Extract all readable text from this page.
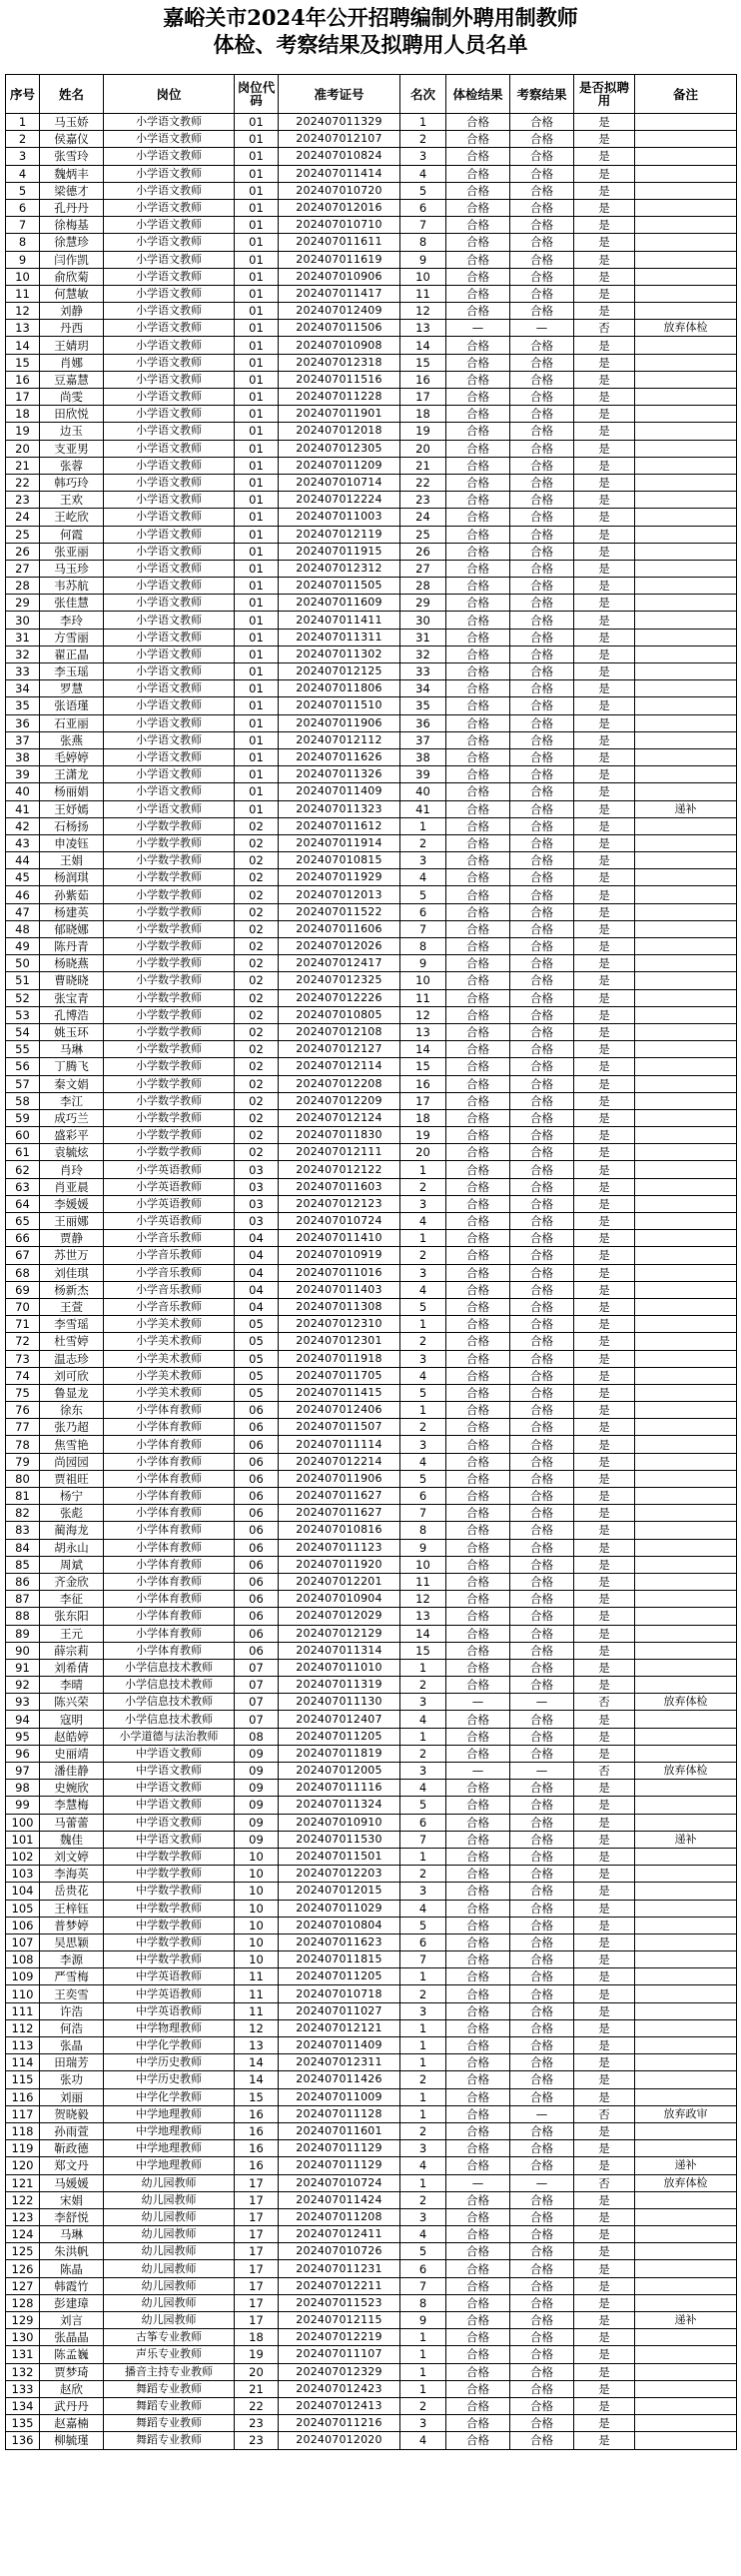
嘉峪关市2024年公开招聘编制外聘用制教师
体检、考察结果及拟聘用人员名单
序号	姓名	岗位	岗位代码	准考证号	名次	体检结果	考察结果	是否拟聘用	备注
1	马玉娇	小学语文教师	01	202407011329	1	合格	合格	是	
2	侯嘉仪	小学语文教师	01	202407012107	2	合格	合格	是	
3	张雪玲	小学语文教师	01	202407010824	3	合格	合格	是	
4	魏炳丰	小学语文教师	01	202407011414	4	合格	合格	是	
5	梁德才	小学语文教师	01	202407010720	5	合格	合格	是	
6	孔丹丹	小学语文教师	01	202407012016	6	合格	合格	是	
7	徐梅基	小学语文教师	01	202407010710	7	合格	合格	是	
8	徐慧珍	小学语文教师	01	202407011611	8	合格	合格	是	
9	闫作凯	小学语文教师	01	202407011619	9	合格	合格	是	
10	俞欣菊	小学语文教师	01	202407010906	10	合格	合格	是	
11	何慧敏	小学语文教师	01	202407011417	11	合格	合格	是	
12	刘静	小学语文教师	01	202407012409	12	合格	合格	是	
13	丹西	小学语文教师	01	202407011506	13	—	—	否	放弃体检
14	王婧玥	小学语文教师	01	202407010908	14	合格	合格	是	
15	肖娜	小学语文教师	01	202407012318	15	合格	合格	是	
16	豆嘉慧	小学语文教师	01	202407011516	16	合格	合格	是	
17	尚雯	小学语文教师	01	202407011228	17	合格	合格	是	
18	田欣悦	小学语文教师	01	202407011901	18	合格	合格	是	
19	边玉	小学语文教师	01	202407012018	19	合格	合格	是	
20	支亚男	小学语文教师	01	202407012305	20	合格	合格	是	
21	张蓉	小学语文教师	01	202407011209	21	合格	合格	是	
22	韩巧玲	小学语文教师	01	202407010714	22	合格	合格	是	
23	王欢	小学语文教师	01	202407012224	23	合格	合格	是	
24	王屹欣	小学语文教师	01	202407011003	24	合格	合格	是	
25	何霞	小学语文教师	01	202407012119	25	合格	合格	是	
26	张亚丽	小学语文教师	01	202407011915	26	合格	合格	是	
27	马玉珍	小学语文教师	01	202407012312	27	合格	合格	是	
28	韦苏航	小学语文教师	01	202407011505	28	合格	合格	是	
29	张佳慧	小学语文教师	01	202407011609	29	合格	合格	是	
30	李玲	小学语文教师	01	202407011411	30	合格	合格	是	
31	方雪丽	小学语文教师	01	202407011311	31	合格	合格	是	
32	翟正晶	小学语文教师	01	202407011302	32	合格	合格	是	
33	李玉瑶	小学语文教师	01	202407012125	33	合格	合格	是	
34	罗慧	小学语文教师	01	202407011806	34	合格	合格	是	
35	张语瑾	小学语文教师	01	202407011510	35	合格	合格	是	
36	石亚丽	小学语文教师	01	202407011906	36	合格	合格	是	
37	张燕	小学语文教师	01	202407012112	37	合格	合格	是	
38	毛婷婷	小学语文教师	01	202407011626	38	合格	合格	是	
39	王潇龙	小学语文教师	01	202407011326	39	合格	合格	是	
40	杨丽娟	小学语文教师	01	202407011409	40	合格	合格	是	
41	王妤嫣	小学语文教师	01	202407011323	41	合格	合格	是	递补
42	石杨扬	小学数学教师	02	202407011612	1	合格	合格	是	
43	申凌钰	小学数学教师	02	202407011914	2	合格	合格	是	
44	王娟	小学数学教师	02	202407010815	3	合格	合格	是	
45	杨润琪	小学数学教师	02	202407011929	4	合格	合格	是	
46	孙紫茹	小学数学教师	02	202407012013	5	合格	合格	是	
47	杨建英	小学数学教师	02	202407011522	6	合格	合格	是	
48	郁晓娜	小学数学教师	02	202407011606	7	合格	合格	是	
49	陈丹青	小学数学教师	02	202407012026	8	合格	合格	是	
50	杨晓燕	小学数学教师	02	202407012417	9	合格	合格	是	
51	曹晓晓	小学数学教师	02	202407012325	10	合格	合格	是	
52	张宝青	小学数学教师	02	202407012226	11	合格	合格	是	
53	孔博浩	小学数学教师	02	202407010805	12	合格	合格	是	
54	姚玉环	小学数学教师	02	202407012108	13	合格	合格	是	
55	马琳	小学数学教师	02	202407012127	14	合格	合格	是	
56	丁腾飞	小学数学教师	02	202407012114	15	合格	合格	是	
57	秦文娟	小学数学教师	02	202407012208	16	合格	合格	是	
58	李江	小学数学教师	02	202407012209	17	合格	合格	是	
59	成巧兰	小学数学教师	02	202407012124	18	合格	合格	是	
60	盛彩平	小学数学教师	02	202407011830	19	合格	合格	是	
61	袁毓炫	小学数学教师	02	202407012111	20	合格	合格	是	
62	肖玲	小学英语教师	03	202407012122	1	合格	合格	是	
63	肖亚晨	小学英语教师	03	202407011603	2	合格	合格	是	
64	李媛媛	小学英语教师	03	202407012123	3	合格	合格	是	
65	王丽娜	小学英语教师	03	202407010724	4	合格	合格	是	
66	贾静	小学音乐教师	04	202407011410	1	合格	合格	是	
67	苏世万	小学音乐教师	04	202407010919	2	合格	合格	是	
68	刘佳琪	小学音乐教师	04	202407011016	3	合格	合格	是	
69	杨新杰	小学音乐教师	04	202407011403	4	合格	合格	是	
70	王萱	小学音乐教师	04	202407011308	5	合格	合格	是	
71	李雪瑶	小学美术教师	05	202407012310	1	合格	合格	是	
72	杜雪婷	小学美术教师	05	202407012301	2	合格	合格	是	
73	温志珍	小学美术教师	05	202407011918	3	合格	合格	是	
74	刘可欣	小学美术教师	05	202407011705	4	合格	合格	是	
75	鲁显龙	小学美术教师	05	202407011415	5	合格	合格	是	
76	徐东	小学体育教师	06	202407012406	1	合格	合格	是	
77	张乃超	小学体育教师	06	202407011507	2	合格	合格	是	
78	焦雪艳	小学体育教师	06	202407011114	3	合格	合格	是	
79	尚园园	小学体育教师	06	202407012214	4	合格	合格	是	
80	贾祖旺	小学体育教师	06	202407011906	5	合格	合格	是	
81	杨宁	小学体育教师	06	202407011627	6	合格	合格	是	
82	张彪	小学体育教师	06	202407011627	7	合格	合格	是	
83	蔺海龙	小学体育教师	06	202407010816	8	合格	合格	是	
84	胡永山	小学体育教师	06	202407011123	9	合格	合格	是	
85	周斌	小学体育教师	06	202407011920	10	合格	合格	是	
86	齐金欣	小学体育教师	06	202407012201	11	合格	合格	是	
87	李征	小学体育教师	06	202407010904	12	合格	合格	是	
88	张东阳	小学体育教师	06	202407012029	13	合格	合格	是	
89	王元	小学体育教师	06	202407012129	14	合格	合格	是	
90	薛宗莉	小学体育教师	06	202407011314	15	合格	合格	是	
91	刘希倩	小学信息技术教师	07	202407011010	1	合格	合格	是	
92	李晴	小学信息技术教师	07	202407011319	2	合格	合格	是	
93	陈兴荣	小学信息技术教师	07	202407011130	3	—	—	否	放弃体检
94	寇明	小学信息技术教师	07	202407012407	4	合格	合格	是	
95	赵皓婷	小学道德与法治教师	08	202407011205	1	合格	合格	是	
96	史丽靖	中学语文教师	09	202407011819	2	合格	合格	是	
97	潘佳静	中学语文教师	09	202407012005	3	—	—	否	放弃体检
98	史婉欣	中学语文教师	09	202407011116	4	合格	合格	是	
99	李慧梅	中学语文教师	09	202407011324	5	合格	合格	是	
100	马蕾蕾	中学语文教师	09	202407010910	6	合格	合格	是	
101	魏佳	中学语文教师	09	202407011530	7	合格	合格	是	递补
102	刘文婷	中学数学教师	10	202407011501	1	合格	合格	是	
103	李海英	中学数学教师	10	202407012203	2	合格	合格	是	
104	岳贵花	中学数学教师	10	202407012015	3	合格	合格	是	
105	王梓钰	中学数学教师	10	202407011029	4	合格	合格	是	
106	普梦婷	中学数学教师	10	202407010804	5	合格	合格	是	
107	吴思颖	中学数学教师	10	202407011623	6	合格	合格	是	
108	李源	中学数学教师	10	202407011815	7	合格	合格	是	
109	严雪梅	中学英语教师	11	202407011205	1	合格	合格	是	
110	王奕雪	中学英语教师	11	202407010718	2	合格	合格	是	
111	许浩	中学英语教师	11	202407011027	3	合格	合格	是	
112	何浩	中学物理教师	12	202407012121	1	合格	合格	是	
113	张晶	中学化学教师	13	202407011409	1	合格	合格	是	
114	田瑞芳	中学历史教师	14	202407012311	1	合格	合格	是	
115	张功	中学历史教师	14	202407011426	2	合格	合格	是	
116	刘丽	中学化学教师	15	202407011009	1	合格	合格	是	
117	贺晓毅	中学地理教师	16	202407011128	1	合格	—	否	放弃政审
118	孙雨萱	中学地理教师	16	202407011601	2	合格	合格	是	
119	靳政德	中学地理教师	16	202407011129	3	合格	合格	是	
120	郑文丹	中学地理教师	16	202407011129	4	合格	合格	是	递补
121	马媛媛	幼儿园教师	17	202407010724	1	—	—	否	放弃体检
122	宋娟	幼儿园教师	17	202407011424	2	合格	合格	是	
123	李舒悦	幼儿园教师	17	202407011208	3	合格	合格	是	
124	马琳	幼儿园教师	17	202407012411	4	合格	合格	是	
125	朱洪帆	幼儿园教师	17	202407010726	5	合格	合格	是	
126	陈晶	幼儿园教师	17	202407011231	6	合格	合格	是	
127	韩霞竹	幼儿园教师	17	202407012211	7	合格	合格	是	
128	彭建璋	幼儿园教师	17	202407011523	8	合格	合格	是	
129	刘言	幼儿园教师	17	202407012115	9	合格	合格	是	递补
130	张晶晶	古筝专业教师	18	202407012219	1	合格	合格	是	
131	陈孟巍	声乐专业教师	19	202407011107	1	合格	合格	是	
132	贾梦琦	播音主持专业教师	20	202407012329	1	合格	合格	是	
133	赵欣	舞蹈专业教师	21	202407012423	1	合格	合格	是	
134	武丹丹	舞蹈专业教师	22	202407012413	2	合格	合格	是	
135	赵嘉楠	舞蹈专业教师	23	202407011216	3	合格	合格	是	
136	柳毓瑾	舞蹈专业教师	23	202407012020	4	合格	合格	是	
